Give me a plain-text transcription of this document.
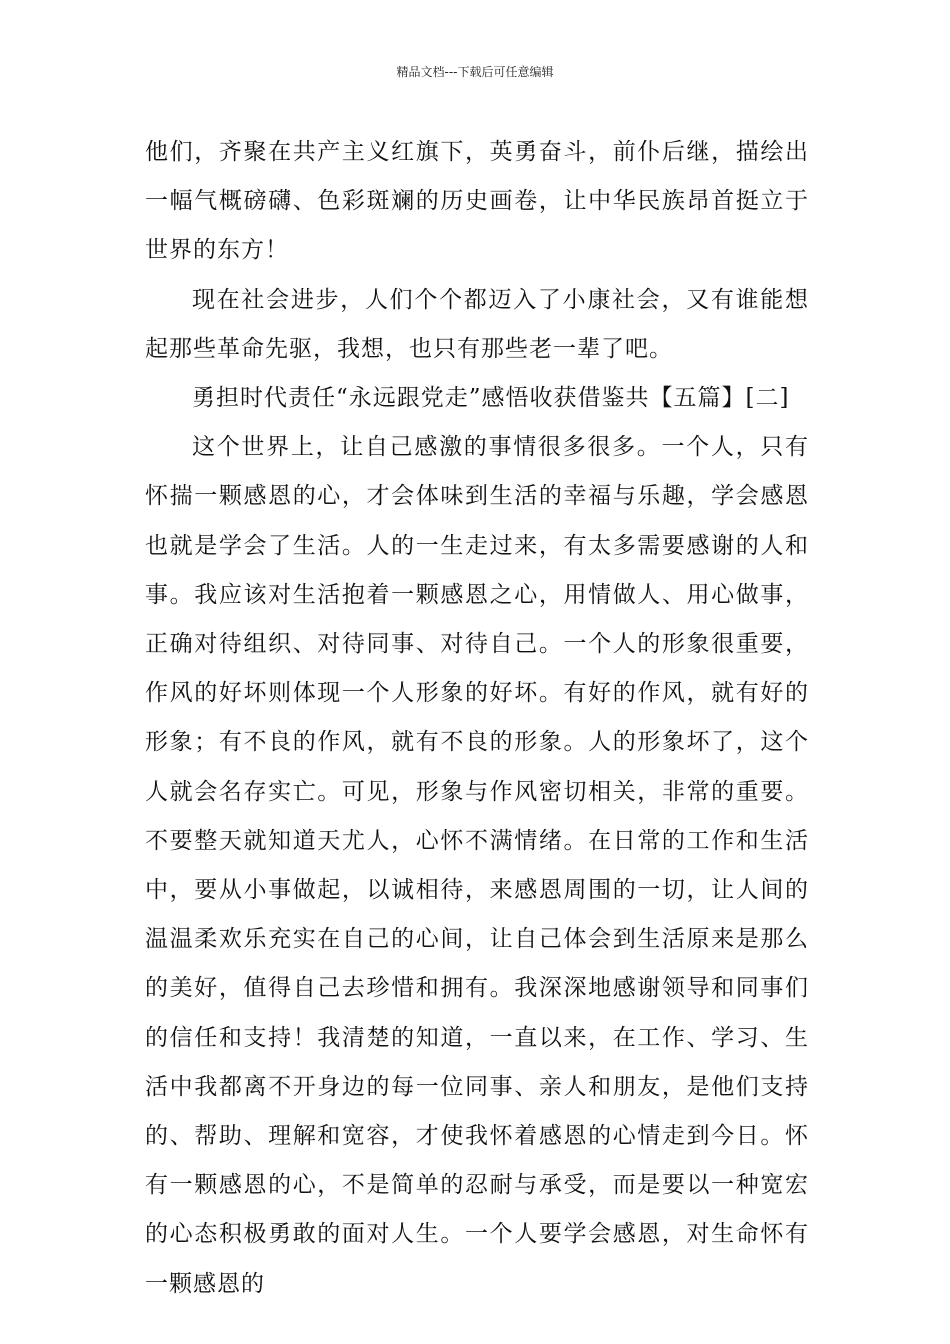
精品文档---下载后可任意编辑

他们，齐聚在共产主义红旗下，英勇奋斗，前仆后继，描绘出一幅气概磅礴、色彩斑斓的历史画卷，让中华民族昂首挺立于世界的东方！

现在社会进步，人们个个都迈入了小康社会，又有谁能想起那些革命先驱，我想，也只有那些老一辈了吧。

勇担时代责任“永远跟党走”感悟收获借鉴共【五篇】[二]

这个世界上，让自己感激的事情很多很多。一个人，只有怀揣一颗感恩的心，才会体味到生活的幸福与乐趣，学会感恩也就是学会了生活。人的一生走过来，有太多需要感谢的人和事。我应该对生活抱着一颗感恩之心，用情做人、用心做事，正确对待组织、对待同事、对待自己。一个人的形象很重要，作风的好坏则体现一个人形象的好坏。有好的作风，就有好的形象；有不良的作风，就有不良的形象。人的形象坏了，这个人就会名存实亡。可见，形象与作风密切相关，非常的重要。不要整天就知道天尤人，心怀不满情绪。在日常的工作和生活中，要从小事做起，以诚相待，来感恩周围的一切，让人间的温温柔欢乐充实在自己的心间，让自己体会到生活原来是那么的美好，值得自己去珍惜和拥有。我深深地感谢领导和同事们的信任和支持！我清楚的知道，一直以来，在工作、学习、生活中我都离不开身边的每一位同事、亲人和朋友，是他们支持的、帮助、理解和宽容，才使我怀着感恩的心情走到今日。怀有一颗感恩的心，不是简单的忍耐与承受，而是要以一种宽宏的心态积极勇敢的面对人生。一个人要学会感恩，对生命怀有一颗感恩的
